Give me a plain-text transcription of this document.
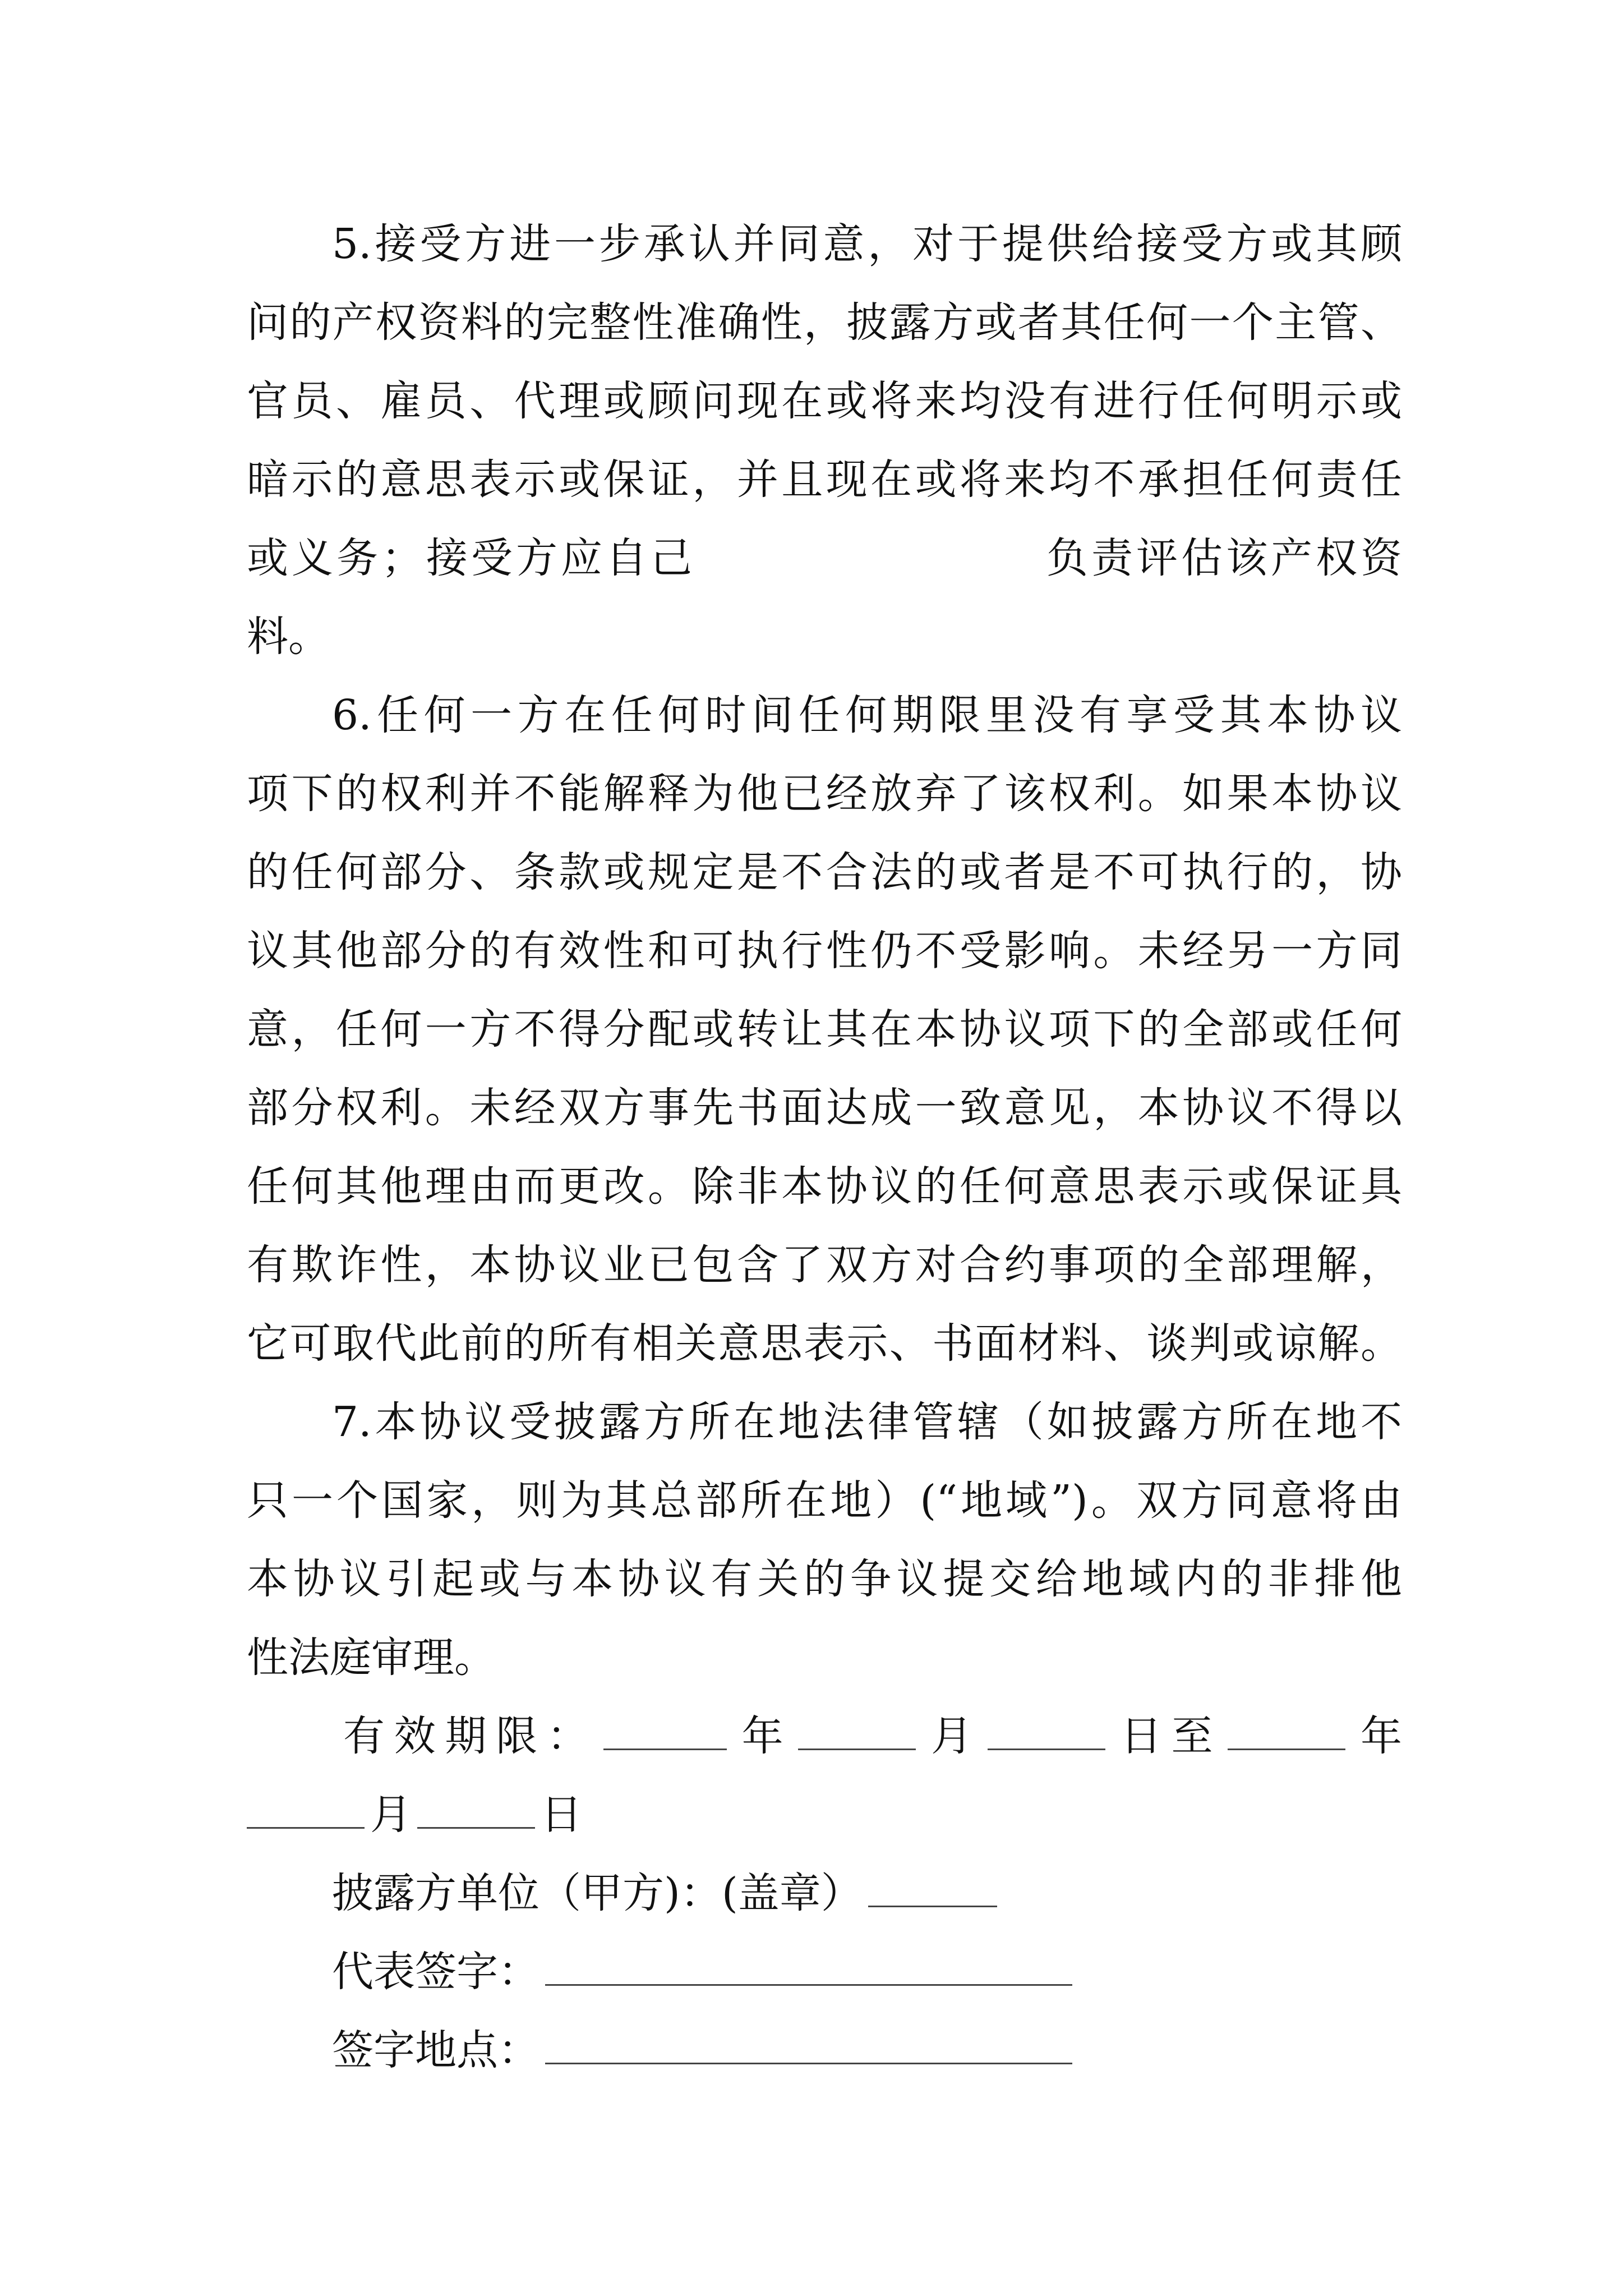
5.接受方进一步承认并同意，对于提供给接受方或其顾
问的产权资料的完整性准确性，披露方或者其任何一个主管、
官员、雇员、代理或顾问现在或将来均没有进行任何明示或
暗示的意思表示或保证，并且现在或将来均不承担任何责任
或义务；接受方应自己	负责评估该产权资
料。
6.任何一方在任何时间任何期限里没有享受其本协议
项下的权利并不能解释为他已经放弃了该权利。如果本协议
的任何部分、条款或规定是不合法的或者是不可执行的，协
议其他部分的有效性和可执行性仍不受影响。未经另一方同
意，任何一方不得分配或转让其在本协议项下的全部或任何
部分权利。未经双方事先书面达成一致意见，本协议不得以
任何其他理由而更改。除非本协议的任何意思表示或保证具
有欺诈性，本协议业已包含了双方对合约事项的全部理解，
它可取代此前的所有相关意思表示、书面材料、谈判或谅解。
7.本协议受披露方所在地法律管辖（如披露方所在地不
只一个国家，则为其总部所在地）(“地域”)。双方同意将由
本协议引起或与本协议有关的争议提交给地域内的非排他
性法庭审理。
有效期限：	年	月	日至	年
月	日
披露方单位（甲方)：(盖章）
代表签字：
签字地点：
